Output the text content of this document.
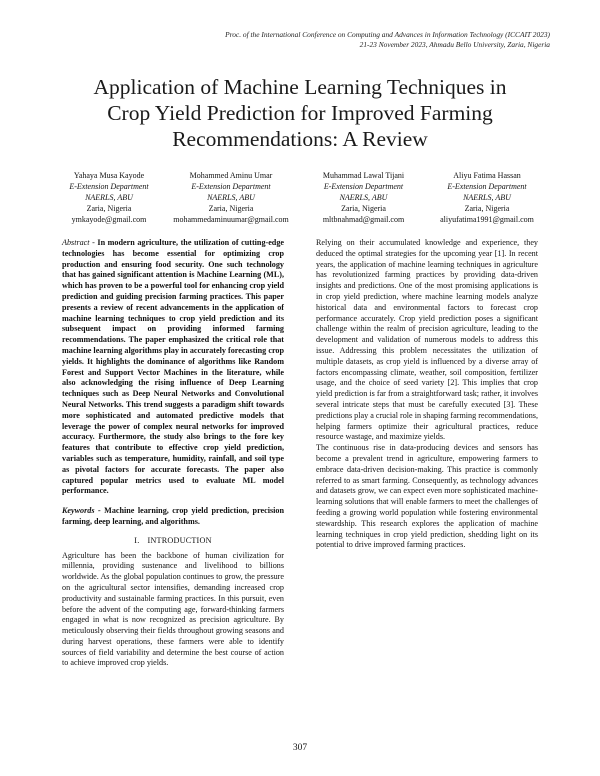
Proc. of the International Conference on Computing and Advances in Information Technology (ICCAIT 2023)
21-23 November 2023, Ahmadu Bello University, Zaria, Nigeria
Application of Machine Learning Techniques in
Crop Yield Prediction for Improved Farming
Recommendations: A Review
Yahaya Musa Kayode
E-Extension Department
NAERLS, ABU
Zaria, Nigeria
ymkayode@gmail.com
Mohammed Aminu Umar
E-Extension Department
NAERLS, ABU
Zaria, Nigeria
mohammedaminuumar@gmail.com
Muhammad Lawal Tijani
E-Extension Department
NAERLS, ABU
Zaria, Nigeria
mltbnahmad@gmail.com
Aliyu Fatima Hassan
E-Extension Department
NAERLS, ABU
Zaria, Nigeria
aliyufatima1991@gmail.com

Abstract - In modern agriculture, the utilization of cutting-edge technologies has become essential for optimizing crop production and ensuring food security. One such technology that has gained significant attention is Machine Learning (ML), which has proven to be a powerful tool for enhancing crop yield prediction and guiding precision farming practices. This paper presents a review of recent advancements in the application of machine learning techniques to crop yield prediction and its subsequent impact on providing informed farming recommendations. The paper emphasized the critical role that machine learning algorithms play in accurately forecasting crop yields. It highlights the dominance of algorithms like Random Forest and Support Vector Machines in the literature, while also acknowledging the rising influence of Deep Learning techniques such as Deep Neural Networks and Convolutional Neural Networks. This trend suggests a paradigm shift towards more sophisticated and automated predictive models that leverage the power of complex neural networks for improved accuracy. Furthermore, the study also brings to the fore key features that contribute to effective crop yield prediction, variables such as temperature, humidity, rainfall, and soil type as pivotal factors for accurate forecasts. The paper also captured popular metrics used to evaluate ML model performance.

Keywords - Machine learning, crop yield prediction, precision farming, deep learning, and algorithms.

I. INTRODUCTION

Agriculture has been the backbone of human civilization for millennia, providing sustenance and livelihood to billions worldwide. As the global population continues to grow, the pressure on the agricultural sector intensifies, demanding increased crop productivity and sustainable farming practices. In this pursuit, even before the advent of the computing age, forward-thinking farmers engaged in what is now recognized as precision agriculture. By meticulously observing their fields throughout growing seasons and during harvest operations, these farmers were able to identify sources of field variability and determine the best course of action to achieve improved crop yields.

Relying on their accumulated knowledge and experience, they deduced the optimal strategies for the upcoming year [1]. In recent years, the application of machine learning techniques in agriculture has revolutionized farming practices by providing data-driven insights and predictions. One of the most promising applications is in crop yield prediction, where machine learning models analyze historical data and environmental factors to forecast crop performance accurately. Crop yield prediction poses a significant challenge within the realm of precision agriculture, leading to the development and validation of numerous models to address this issue. Addressing this problem necessitates the utilization of multiple datasets, as crop yield is influenced by a diverse array of factors encompassing climate, weather, soil composition, fertilizer usage, and the choice of seed variety [2]. This implies that crop yield prediction is far from a straightforward task; rather, it involves several intricate steps that must be carefully executed [3]. These predictions play a crucial role in shaping farming recommendations, helping farmers optimize their agricultural practices, reduce resource wastage, and maximize yields.

The continuous rise in data-producing devices and sensors has become a prevalent trend in agriculture, empowering farmers to embrace data-driven decision-making. This practice is commonly referred to as smart farming. Consequently, as technology advances and datasets grow, we can expect even more sophisticated machine-learning solutions that will enable farmers to meet the challenges of feeding a growing world population while fostering environmental stewardship. This research explores the application of machine learning techniques in crop yield prediction, shedding light on its potential to drive improved farming practices.

307
